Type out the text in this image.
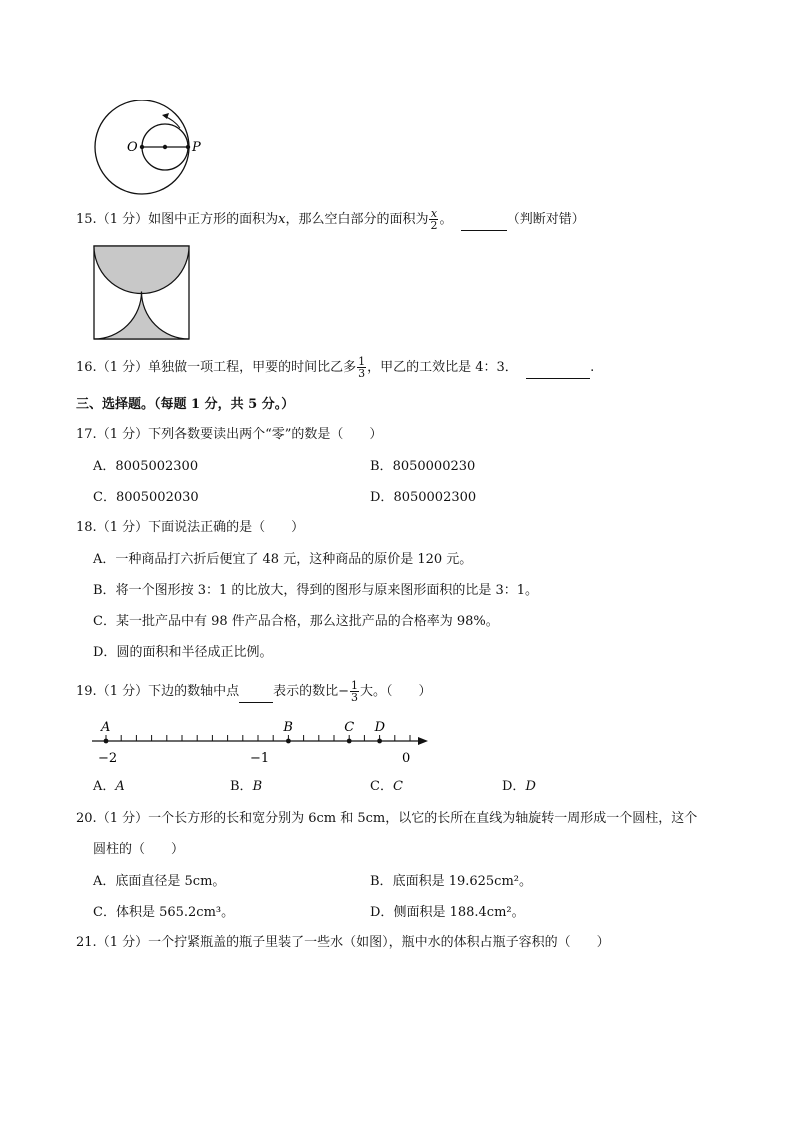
O	P
15.（1 分）如图中正方形的面积为x，那么空白部分的面积为 $\frac{x}{2}$ 。	（判断对错）
16.（1 分）单独做一项工程，甲要的时间比乙多 $\frac{1}{3}$ ，甲乙的工效比是 4：3．	.
三、选择题。（每题 1 分，共 5 分。）
17.（1 分）下列各数要读出两个“零”的数是（　　）
A．8005002300	B．8050000230
C．8005002030	D．8050002300
18.（1 分）下面说法正确的是（　　）
A．一种商品打六折后便宜了 48 元，这种商品的原价是 120 元。
B．将一个图形按 3：1 的比放大，得到的图形与原来图形面积的比是 3：1。
C．某一批产品中有 98 件产品合格，那么这批产品的合格率为 98%。
D．圆的面积和半径成正比例。
19.（1 分）下边的数轴中点	表示的数比− $\frac{1}{3}$ 大。（　　）
−2	−1	0
A	B	C D
A．A	B．B	C．C	D．D
20.（1 分）一个长方形的长和宽分别为 6cm 和 5cm，以它的长所在直线为轴旋转一周形成一个圆柱，这个
圆柱的（　　）
A．底面直径是 5cm。	B．底面积是 19.625cm²。
C．体积是 565.2cm³。	D．侧面积是 188.4cm²。
21.（1 分）一个拧紧瓶盖的瓶子里装了一些水（如图），瓶中水的体积占瓶子容积的（　　）
